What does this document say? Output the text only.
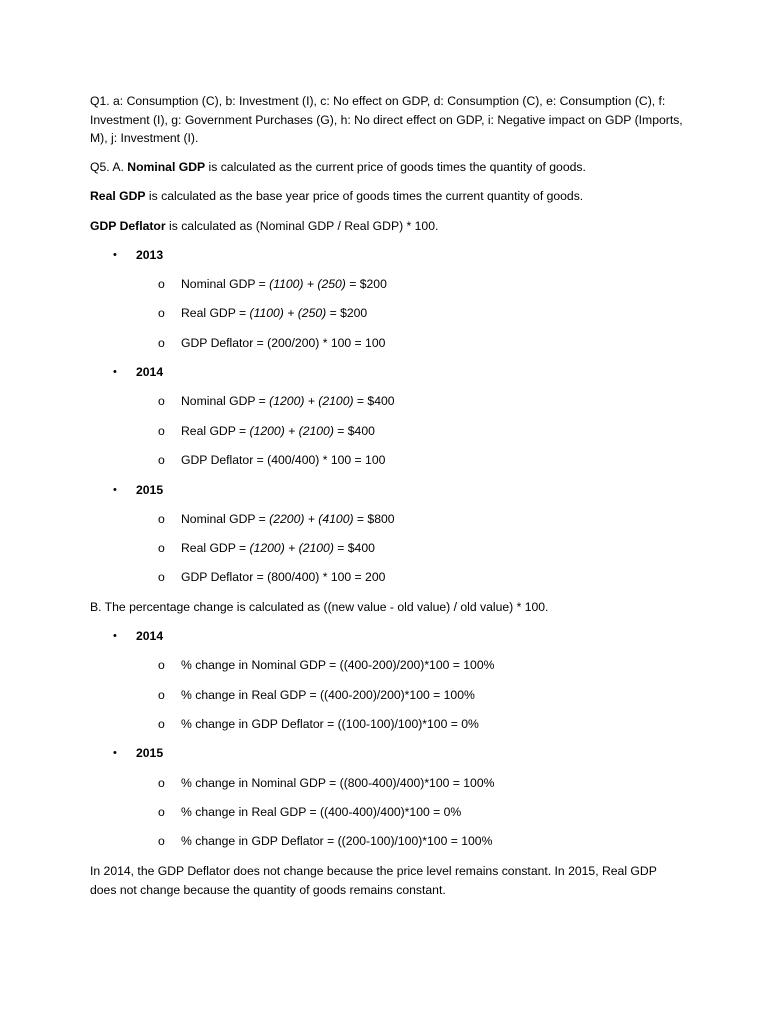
Q1. a: Consumption (C), b: Investment (I), c: No effect on GDP, d: Consumption (C), e: Consumption (C), f: Investment (I), g: Government Purchases (G), h: No direct effect on GDP, i: Negative impact on GDP (Imports, M), j: Investment (I).
Q5. A. Nominal GDP is calculated as the current price of goods times the quantity of goods.
Real GDP is calculated as the base year price of goods times the current quantity of goods.
GDP Deflator is calculated as (Nominal GDP / Real GDP) * 100.
• 2013
o Nominal GDP = (1100) + (250) = $200
o Real GDP = (1100) + (250) = $200
o GDP Deflator = (200/200) * 100 = 100
• 2014
o Nominal GDP = (1200) + (2100) = $400
o Real GDP = (1200) + (2100) = $400
o GDP Deflator = (400/400) * 100 = 100
• 2015
o Nominal GDP = (2200) + (4100) = $800
o Real GDP = (1200) + (2100) = $400
o GDP Deflator = (800/400) * 100 = 200
B. The percentage change is calculated as ((new value - old value) / old value) * 100.
• 2014
o % change in Nominal GDP = ((400-200)/200)*100 = 100%
o % change in Real GDP = ((400-200)/200)*100 = 100%
o % change in GDP Deflator = ((100-100)/100)*100 = 0%
• 2015
o % change in Nominal GDP = ((800-400)/400)*100 = 100%
o % change in Real GDP = ((400-400)/400)*100 = 0%
o % change in GDP Deflator = ((200-100)/100)*100 = 100%
In 2014, the GDP Deflator does not change because the price level remains constant. In 2015, Real GDP does not change because the quantity of goods remains constant.
